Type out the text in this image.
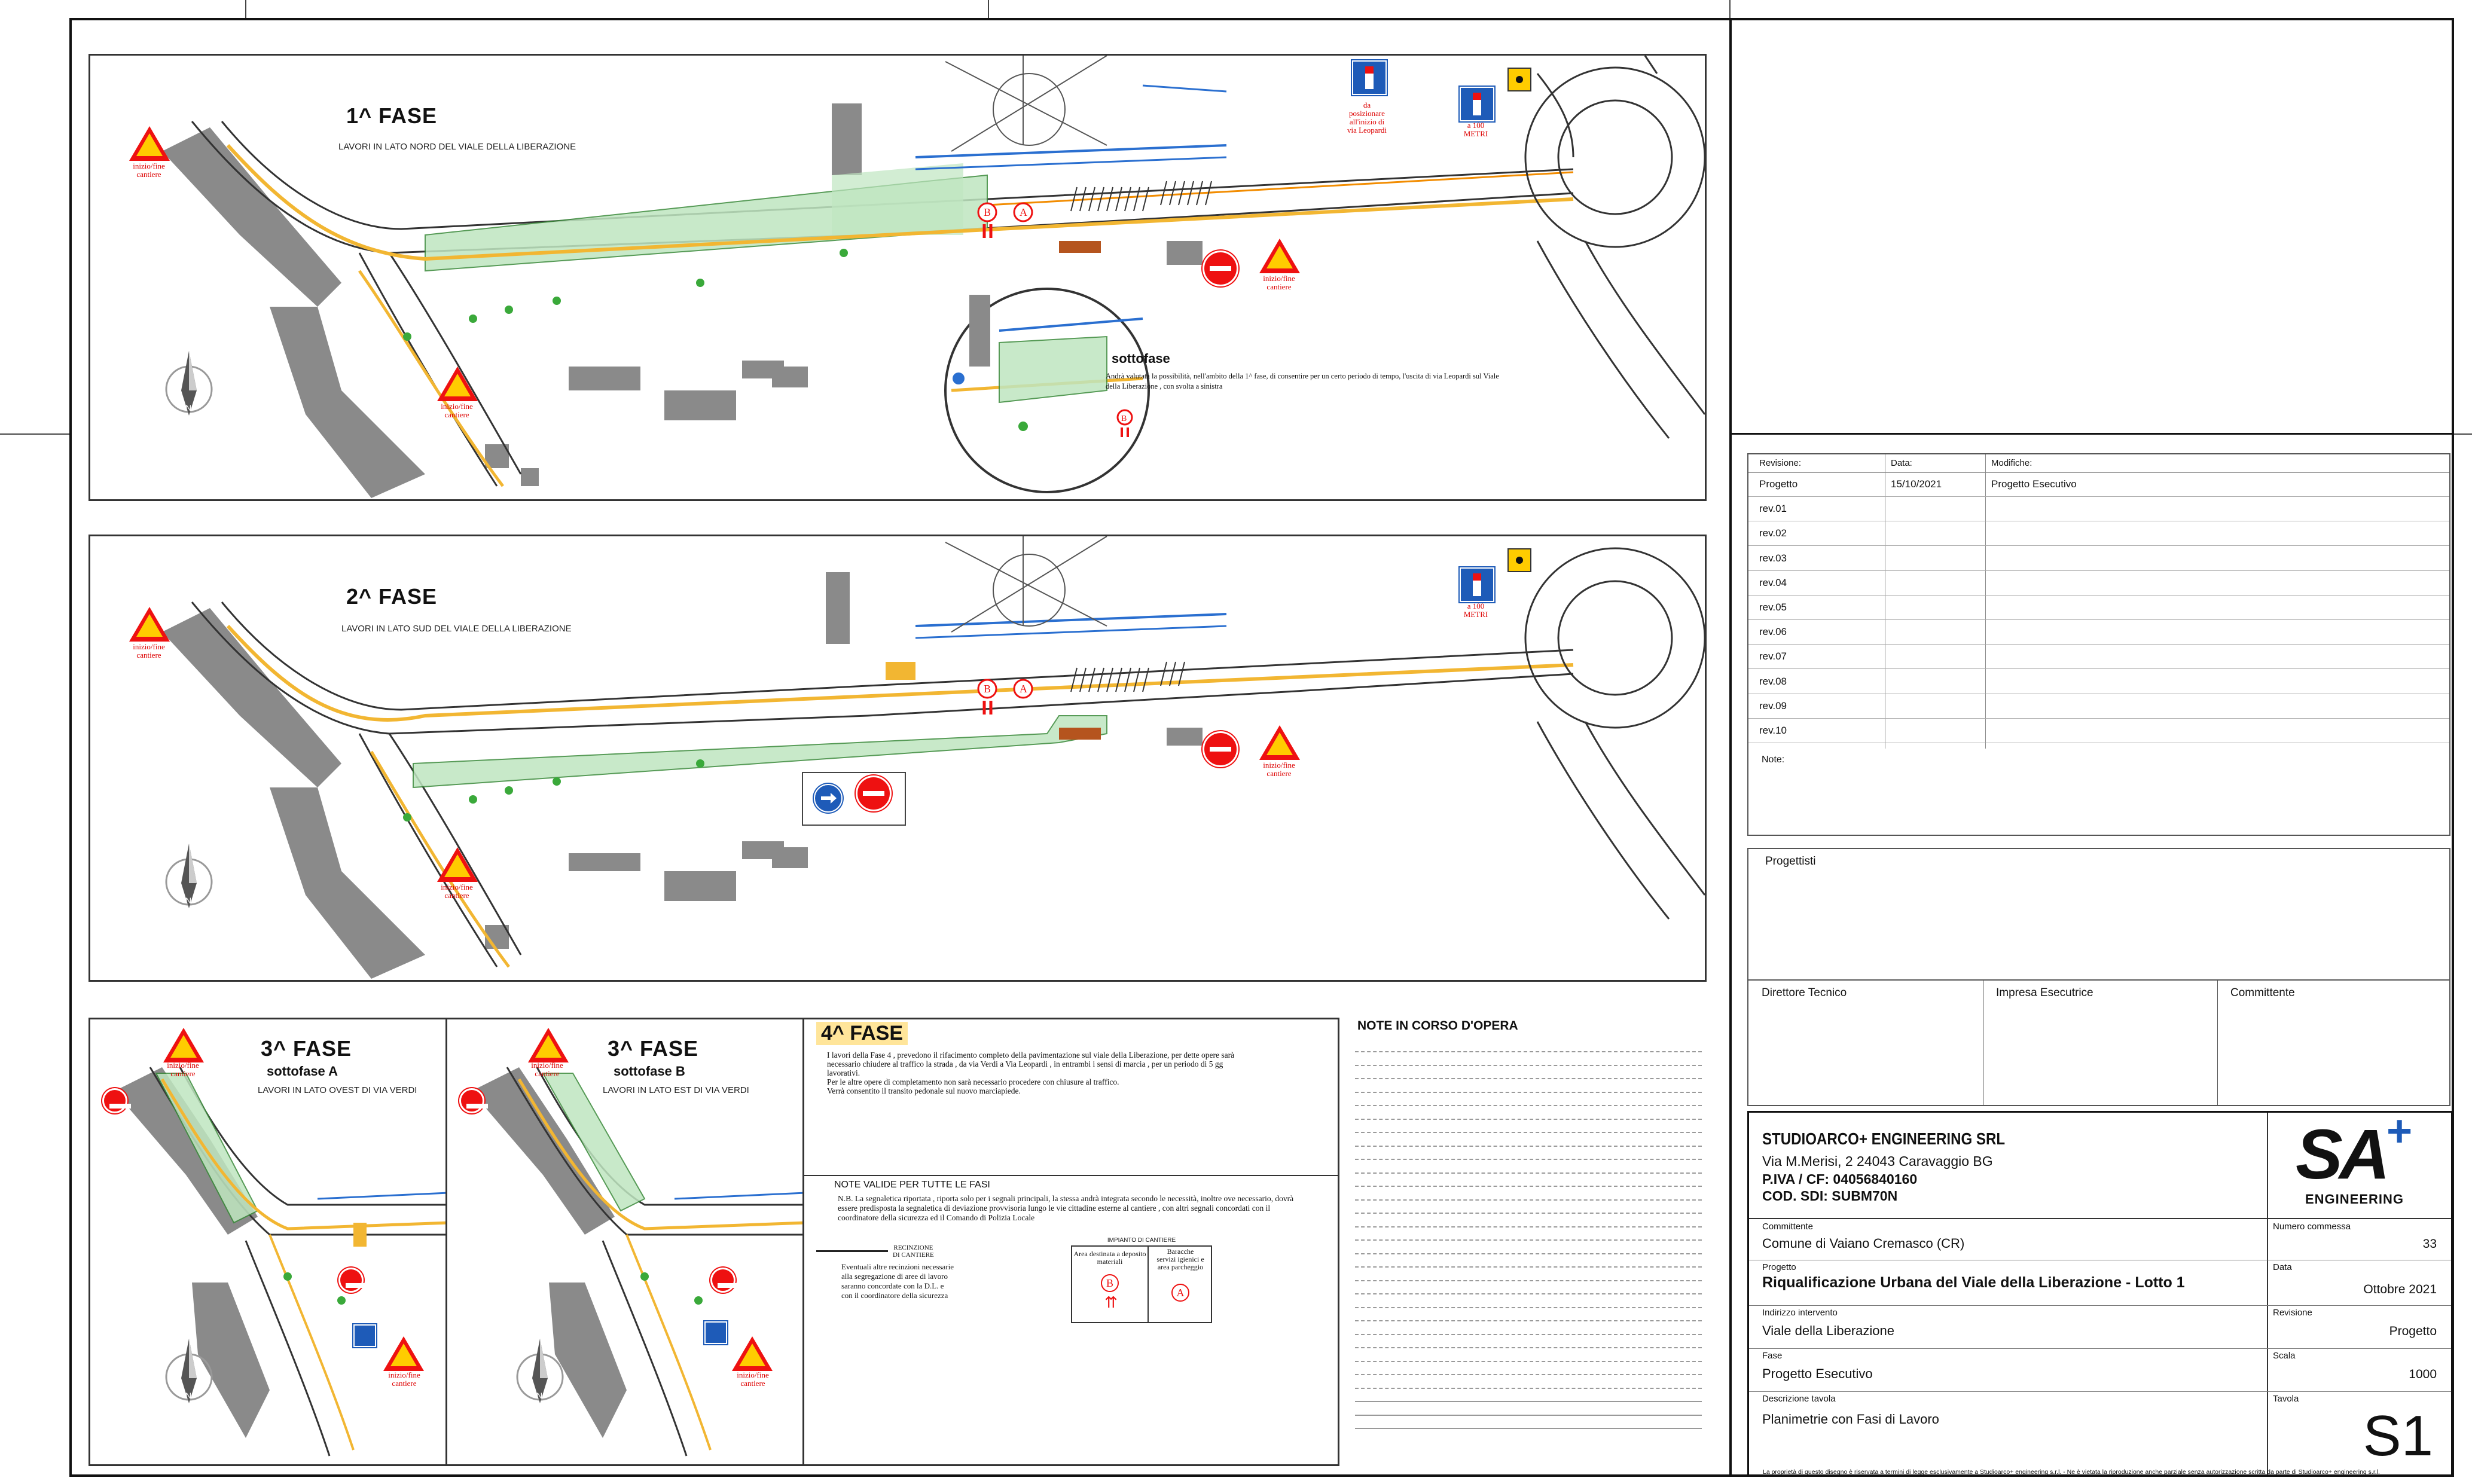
B	A
B
1^ FASE
LAVORI IN LATO NORD DEL VIALE DELLA LIBERAZIONE
inizio/fine
cantiere
inizio/fine
cantiere
inizio/fine
cantiere
da
posizionare
all'inizio di
via Leopardi
a 100
METRI
sottofase
Andrà valutata la possibilità, nell'ambito della 1^ fase, di consentire per un certo periodo di tempo, l'uscita di via Leopardi sul Viale della Liberazione , con svolta a sinistra
N
B	A
2^ FASE
LAVORI IN LATO SUD DEL VIALE DELLA LIBERAZIONE
inizio/fine
cantiere
inizio/fine
cantiere
inizio/fine
cantiere
a 100
METRI
N
3^ FASE
sottofase A
LAVORI IN LATO OVEST DI VIA VERDI
inizio/fine
cantiere
inizio/fine
cantiere
N
3^ FASE
sottofase B
LAVORI IN LATO EST DI VIA VERDI
inizio/fine
cantiere
inizio/fine
cantiere
N
4^ FASE
I lavori della Fase 4 , prevedono il rifacimento completo della pavimentazione sul viale della Liberazione, per dette opere sarà necessario chiudere al traffico la strada , da via Verdi a Via Leopardi , in entrambi i sensi di marcia , per un periodo di 5 gg lavorativi.
Per le altre opere di completamento non sarà necessario procedere con chiusure al traffico.
Verrà consentito il transito pedonale sul nuovo marciapiede.
NOTE VALIDE PER TUTTE LE FASI
N.B. La segnaletica riportata , riporta solo per i segnali principali, la stessa andrà integrata secondo le necessità, inoltre ove necessario, dovrà essere predisposta la segnaletica di deviazione provvisoria lungo le vie cittadine esterne al cantiere , con altri segnali concordati con il coordinatore della sicurezza ed il Comando di Polizia Locale
RECINZIONE
DI CANTIERE
Eventuali altre recinzioni necessarie
alla segregazione di aree di lavoro
saranno concordate con la D.L. e
con il coordinatore della sicurezza
IMPIANTO DI CANTIERE
Area destinata a deposito materiali
Baracche
servizi igienici e
area parcheggio
B
⇈
A
NOTE IN CORSO D'OPERA
Revisione:	Data:	Modifiche:
Progetto	15/10/2021	Progetto Esecutivo
rev.01
rev.02
rev.03
rev.04
rev.05
rev.06
rev.07
rev.08
rev.09
rev.10
Note:
Progettisti
Direttore Tecnico	Impresa Esecutrice	Committente
STUDIOARCO+ ENGINEERING SRL
Via M.Merisi, 2 24043 Caravaggio BG
P.IVA / CF: 04056840160
COD. SDI: SUBM70N
SA +
ENGINEERING
Committente
Comune di Vaiano Cremasco (CR)
Numero commessa
33
Progetto
Riqualificazione Urbana del Viale della Liberazione - Lotto 1
Data
Ottobre 2021
Indirizzo intervento
Viale della Liberazione
Revisione
Progetto
Fase
Progetto Esecutivo
Scala
1000
Descrizione tavola
Planimetrie con Fasi di Lavoro
Tavola
S1
La proprietà di questo disegno è riservata a termini di legge esclusivamente a Studioarco+ engineering s.r.l. - Ne è vietata la riproduzione anche parziale senza autorizzazione scritta da parte di Studioarco+ engineering s.r.l.
